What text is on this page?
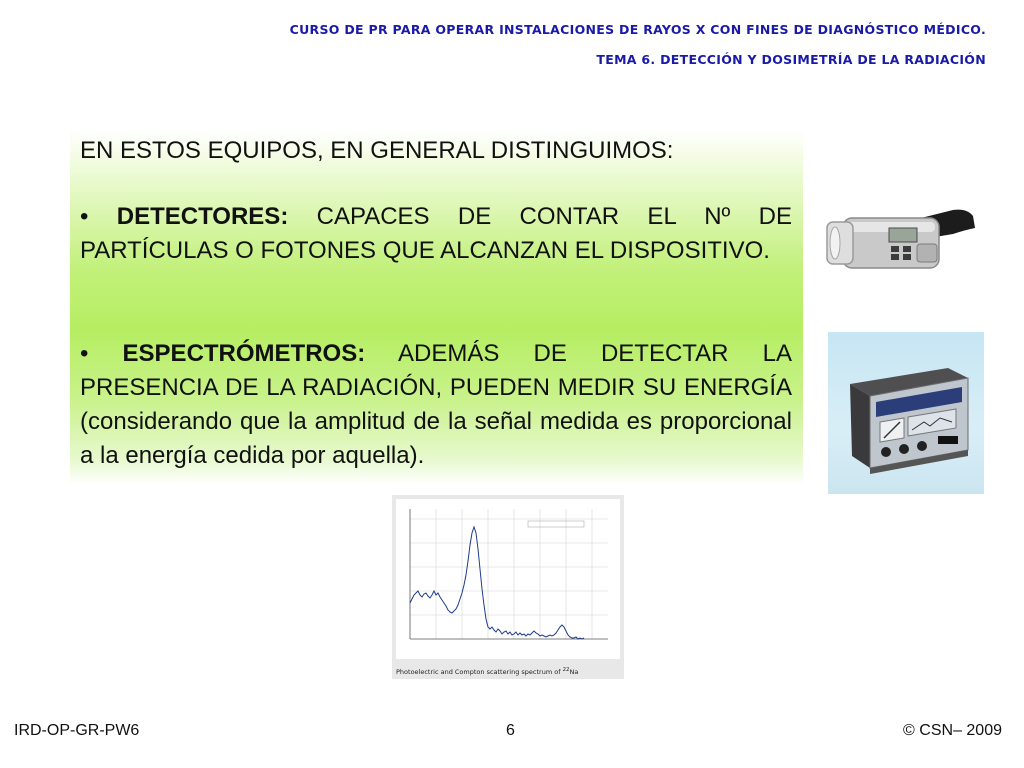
CURSO DE PR PARA OPERAR INSTALACIONES DE RAYOS X CON FINES DE DIAGNÓSTICO MÉDICO.
TEMA 6. DETECCIÓN Y DOSIMETRÍA DE LA RADIACIÓN
EN ESTOS EQUIPOS, EN GENERAL DISTINGUIMOS:
• DETECTORES: CAPACES DE CONTAR EL Nº DE PARTÍCULAS O FOTONES QUE ALCANZAN EL DISPOSITIVO.
• ESPECTRÓMETROS: ADEMÁS DE DETECTAR LA PRESENCIA DE LA RADIACIÓN, PUEDEN MEDIR SU ENERGÍA (considerando que la amplitud de la señal medida es proporcional a la energía cedida por aquella).
Photoelectric and Compton scattering spectrum of $^{22}$Na
IRD-OP-GR-PW6	6	© CSN– 2009
